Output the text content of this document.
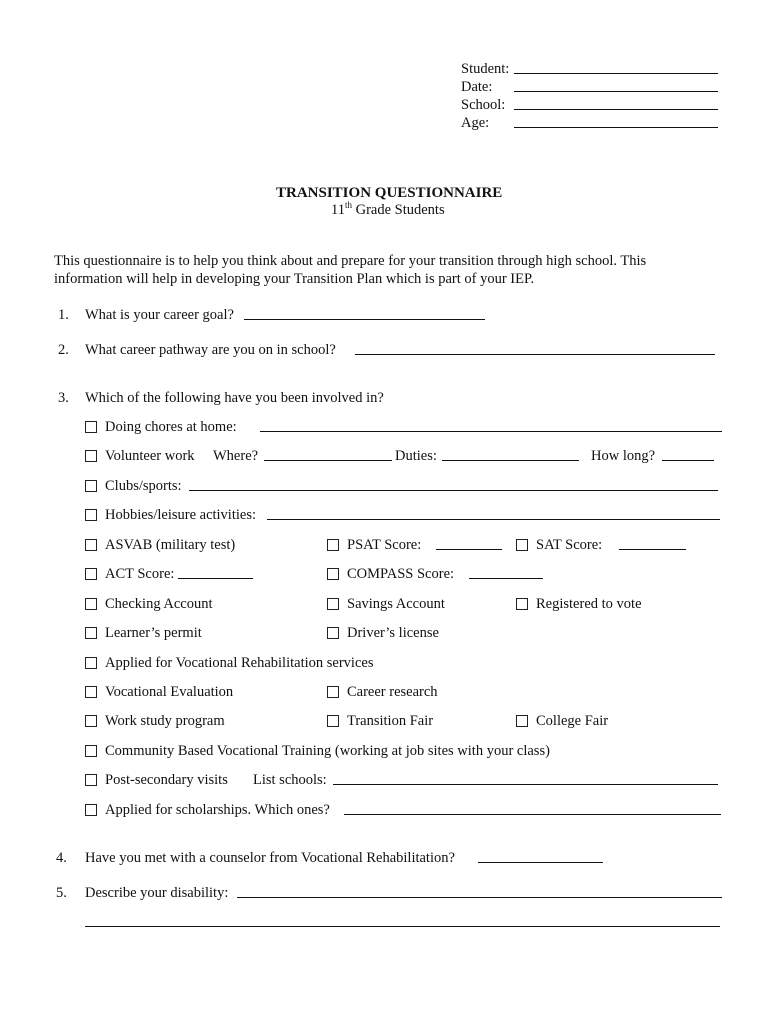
Student:
Date:
School:
Age:
TRANSITION QUESTIONNAIRE
11th Grade Students
This questionnaire is to help you think about and prepare for your transition through high school. This
information will help in developing your Transition Plan which is part of your IEP.
1. What is your career goal?
2. What career pathway are you on in school?
3. Which of the following have you been involved in?
Doing chores at home:
Volunteer work Where?	Duties:	How long?
Clubs/sports:
Hobbies/leisure activities:
ASVAB (military test)	PSAT Score:	SAT Score:
ACT Score:	COMPASS Score:
Checking Account	Savings Account	Registered to vote
Learner’s permit	Driver’s license
Applied for Vocational Rehabilitation services
Vocational Evaluation	Career research
Work study program	Transition Fair	College Fair
Community Based Vocational Training (working at job sites with your class)
Post-secondary visits List schools:
Applied for scholarships. Which ones?
4. Have you met with a counselor from Vocational Rehabilitation?
5. Describe your disability:
